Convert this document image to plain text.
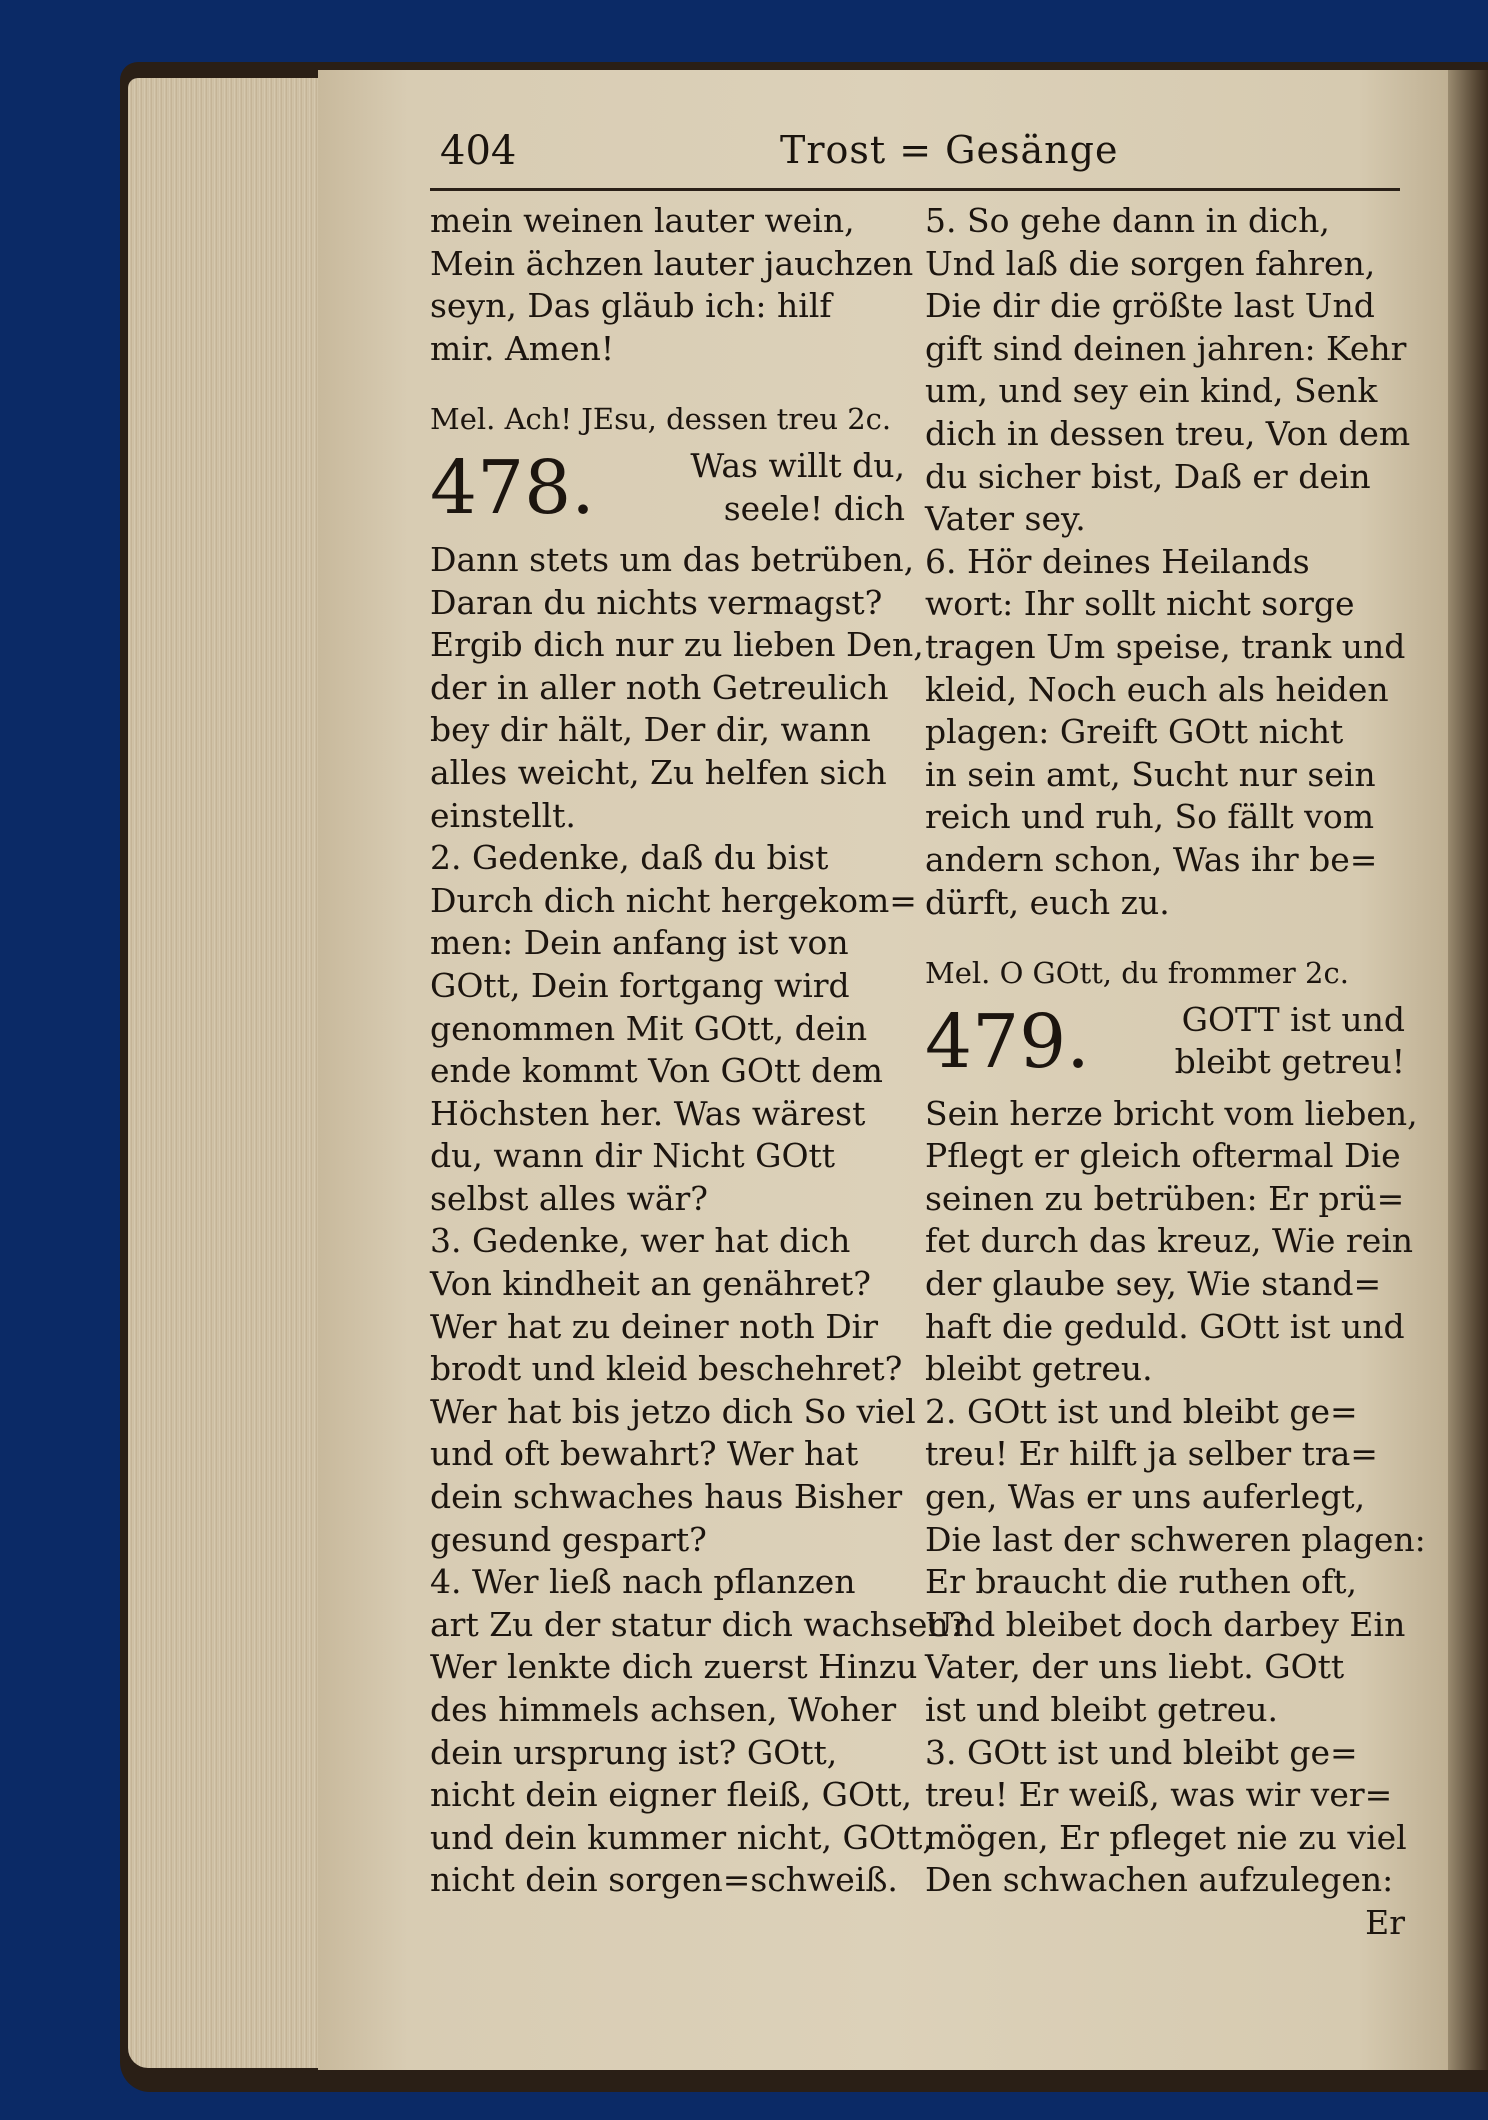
404	Trost = Gesänge
mein weinen lauter wein,
Mein ächzen lauter jauchzen
seyn, Das gläub ich: hilf
mir. Amen!
Mel. Ach! JEsu, dessen treu 2c.
478.	Was willt du,
seele! dich
Dann stets um das betrüben,
Daran du nichts vermagst?
Ergib dich nur zu lieben Den,
der in aller noth Getreulich
bey dir hält, Der dir, wann
alles weicht, Zu helfen sich
einstellt.
2. Gedenke, daß du bist
Durch dich nicht hergekom=
men: Dein anfang ist von
GOtt, Dein fortgang wird
genommen Mit GOtt, dein
ende kommt Von GOtt dem
Höchsten her. Was wärest
du, wann dir Nicht GOtt
selbst alles wär?
3. Gedenke, wer hat dich
Von kindheit an genähret?
Wer hat zu deiner noth Dir
brodt und kleid beschehret?
Wer hat bis jetzo dich So viel
und oft bewahrt? Wer hat
dein schwaches haus Bisher
gesund gespart?
4. Wer ließ nach pflanzen
art Zu der statur dich wachsen?
Wer lenkte dich zuerst Hinzu
des himmels achsen, Woher
dein ursprung ist? GOtt,
nicht dein eigner fleiß, GOtt,
und dein kummer nicht, GOtt,
nicht dein sorgen=schweiß.
5. So gehe dann in dich,
Und laß die sorgen fahren,
Die dir die größte last Und
gift sind deinen jahren: Kehr
um, und sey ein kind, Senk
dich in dessen treu, Von dem
du sicher bist, Daß er dein
Vater sey.
6. Hör deines Heilands
wort: Ihr sollt nicht sorge
tragen Um speise, trank und
kleid, Noch euch als heiden
plagen: Greift GOtt nicht
in sein amt, Sucht nur sein
reich und ruh, So fällt vom
andern schon, Was ihr be=
dürft, euch zu.
Mel. O GOtt, du frommer 2c.
479.	GOTT ist und
bleibt getreu!
Sein herze bricht vom lieben,
Pflegt er gleich oftermal Die
seinen zu betrüben: Er prü=
fet durch das kreuz, Wie rein
der glaube sey, Wie stand=
haft die geduld. GOtt ist und
bleibt getreu.
2. GOtt ist und bleibt ge=
treu! Er hilft ja selber tra=
gen, Was er uns auferlegt,
Die last der schweren plagen:
Er braucht die ruthen oft,
Und bleibet doch darbey Ein
Vater, der uns liebt. GOtt
ist und bleibt getreu.
3. GOtt ist und bleibt ge=
treu! Er weiß, was wir ver=
mögen, Er pfleget nie zu viel
Den schwachen aufzulegen:
Er
